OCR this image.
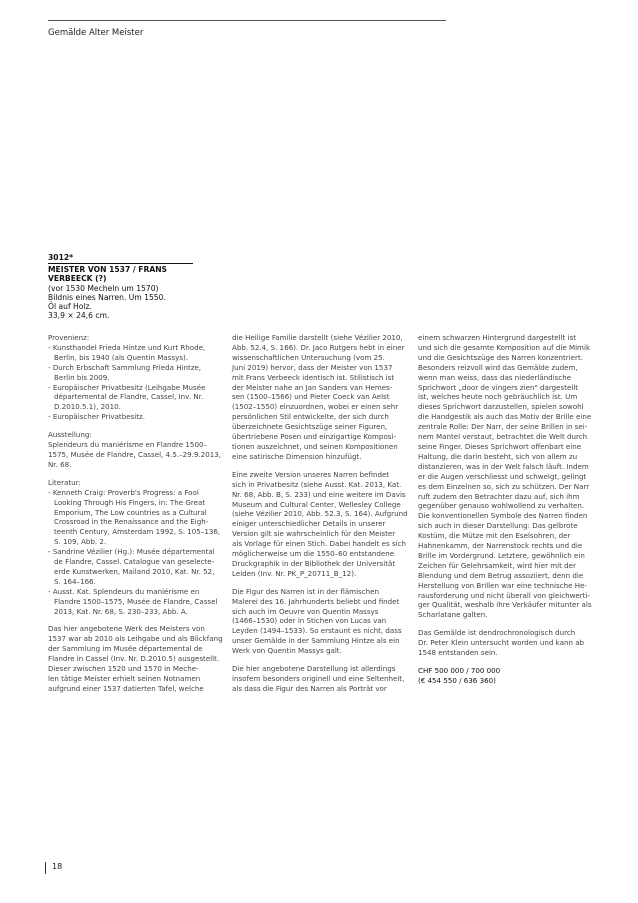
Gemälde Alter Meister
3012*
MEISTER VON 1537 / FRANS VERBEECK (?)
(vor 1530 Mecheln um 1570)
Bildnis eines Narren. Um 1550.
Öl auf Holz.
33,9 × 24,6 cm.
Provenienz:
- Kunsthandel Frieda Hintze und Kurt Rhode,
Berlin, bis 1940 (als Quentin Massys).
- Durch Erbschaft Sammlung Frieda Hintze,
Berlin bis 2009.
- Europäischer Privatbesitz (Leihgabe Musée
départemental de Flandre, Cassel, Inv. Nr.
D.2010.5.1), 2010.
- Europäischer Privatbesitz.
Ausstellung:
Splendeurs du maniérisme en Flandre 1500–
1575, Musée de Flandre, Cassel, 4.5.–29.9.2013,
Nr. 68.
Literatur:
- Kenneth Craig: Proverb's Progress: a Fool
Looking Through His Fingers, in: The Great
Emporium, The Low countries as a Cultural
Crossroad in the Renaissance and the Eigh-
teenth Century, Amsterdam 1992, S. 105–136,
S. 109, Abb. 2.
- Sandrine Vézilier (Hg.): Musée départemental
de Flandre, Cassel. Catalogue van geselecte-
erde Kunstwerken, Mailand 2010, Kat. Nr. 52,
S. 164–166.
- Ausst. Kat. Splendeurs du maniérisme en
Flandre 1500–1575, Musée de Flandre, Cassel
2013, Kat. Nr. 68, S. 230–233, Abb. A.
Das hier angebotene Werk des Meisters von
1537 war ab 2010 als Leihgabe und als Blickfang
der Sammlung im Musée départemental de
Flandre in Cassel (Inv. Nr. D.2010.5) ausgestellt.
Dieser zwischen 1520 und 1570 in Meche-
len tätige Meister erhielt seinen Notnamen
aufgrund einer 1537 datierten Tafel, welche
die Heilige Familie darstellt (siehe Vézilier 2010,
Abb. 52.4, S. 166). Dr. Jaco Rutgers hebt in einer
wissenschaftlichen Untersuchung (vom 25.
Juni 2019) hervor, dass der Meister von 1537
mit Frans Verbeeck identisch ist. Stilistisch ist
der Meister nahe an Jan Sanders van Hemes-
sen (1500–1566) und Pieter Coeck van Aelst
(1502–1550) einzuordnen, wobei er einen sehr
persönlichen Stil entwickelte, der sich durch
überzeichnete Gesichtszüge seiner Figuren,
übertriebene Posen und einzigartige Komposi-
tionen auszeichnet, und seinen Kompositionen
eine satirische Dimension hinzufügt.
Eine zweite Version unseres Narren befindet
sich in Privatbesitz (siehe Ausst. Kat. 2013, Kat.
Nr. 68, Abb. B, S. 233) und eine weitere im Davis
Museum and Cultural Center, Wellesley College
(siehe Vézilier 2010, Abb. 52.3, S. 164). Aufgrund
einiger unterschiedlicher Details in unserer
Version gilt sie wahrscheinlich für den Meister
als Vorlage für einen Stich. Dabei handelt es sich
möglicherweise um die 1550–60 entstandene
Druckgraphik in der Bibliothek der Universität
Leiden (Inv. Nr. PK_P_20711_B_12).
Die Figur des Narren ist in der flämischen
Malerei des 16. Jahrhunderts beliebt und findet
sich auch im Oeuvre von Quentin Massys
(1466–1530) oder in Stichen von Lucas van
Leyden (1494–1533). So erstaunt es nicht, dass
unser Gemälde in der Sammlung Hintze als ein
Werk von Quentin Massys galt.
Die hier angebotene Darstellung ist allerdings
insofern besonders originell und eine Seltenheit,
als dass die Figur des Narren als Porträt vor
einem schwarzen Hintergrund dargestellt ist
und sich die gesamte Komposition auf die Mimik
und die Gesichtszüge des Narren konzentriert.
Besonders reizvoll wird das Gemälde zudem,
wenn man weiss, dass das niederländische
Sprichwort „door de vingers zien" dargestellt
ist, welches heute noch gebräuchlich ist. Um
dieses Sprichwort darzustellen, spielen sowohl
die Handgestik als auch das Motiv der Brille eine
zentrale Rolle: Der Narr, der seine Brillen in sei-
nem Mantel verstaut, betrachtet die Welt durch
seine Finger. Dieses Sprichwort offenbart eine
Haltung, die darin besteht, sich von allem zu
distanzieren, was in der Welt falsch läuft. Indem
er die Augen verschliesst und schweigt, gelingt
es dem Einzelnen so, sich zu schützen. Der Narr
ruft zudem den Betrachter dazu auf, sich ihm
gegenüber genauso wohlwollend zu verhalten.
Die konventionellen Symbole des Narren finden
sich auch in dieser Darstellung: Das gelbrote
Kostüm, die Mütze mit den Eselsohren, der
Hahnenkamm, der Narrenstock rechts und die
Brille im Vordergrund. Letztere, gewöhnlich ein
Zeichen für Gelehrsamkeit, wird hier mit der
Blendung und dem Betrug assoziiert, denn die
Herstellung von Brillen war eine technische He-
rausforderung und nicht überall von gleichwerti-
ger Qualität, weshalb ihre Verkäufer mitunter als
Scharlatane galten.
Das Gemälde ist dendrochronologisch durch
Dr. Peter Klein untersucht worden und kann ab
1548 entstanden sein.
CHF 500 000 / 700 000
(€ 454 550 / 636 360)
18
